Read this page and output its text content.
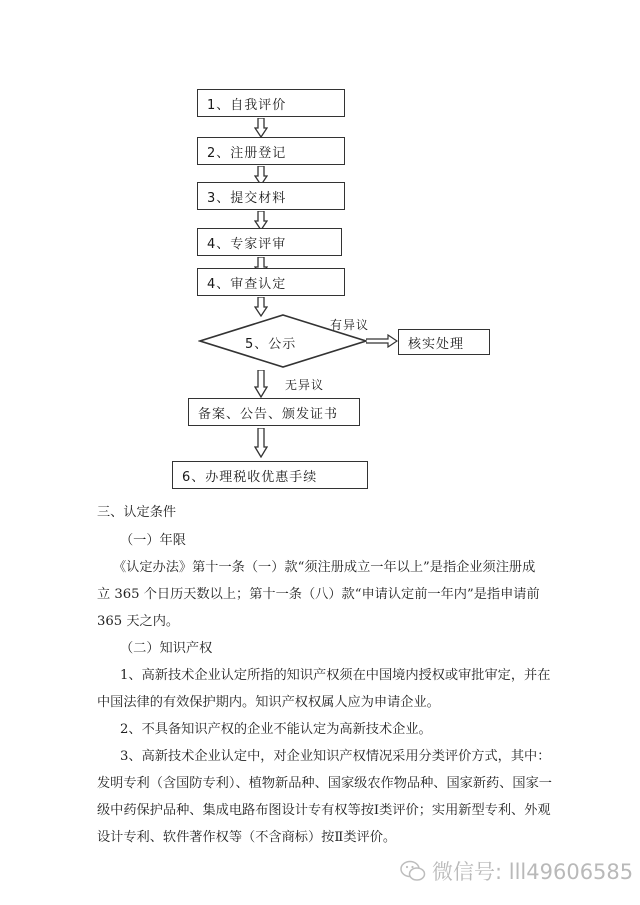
1、自我评价
2、注册登记
3、提交材料
4、专家评审
4、审查认定
5、公示
有异议
核实处理
无异议
备案、公告、颁发证书
6、办理税收优惠手续
三、认定条件
（一）年限
《认定办法》第十一条（一）款“须注册成立一年以上”是指企业须注册成
立 365 个日历天数以上；第十一条（八）款“申请认定前一年内”是指申请前
365 天之内。
（二）知识产权
1、高新技术企业认定所指的知识产权须在中国境内授权或审批审定，并在
中国法律的有效保护期内。知识产权权属人应为申请企业。
2、不具备知识产权的企业不能认定为高新技术企业。
3、高新技术企业认定中，对企业知识产权情况采用分类评价方式，其中：
发明专利（含国防专利）、植物新品种、国家级农作物品种、国家新药、国家一
级中药保护品种、集成电路布图设计专有权等按Ⅰ类评价；实用新型专利、外观
设计专利、软件著作权等（不含商标）按Ⅱ类评价。
微信号: lll49606585
